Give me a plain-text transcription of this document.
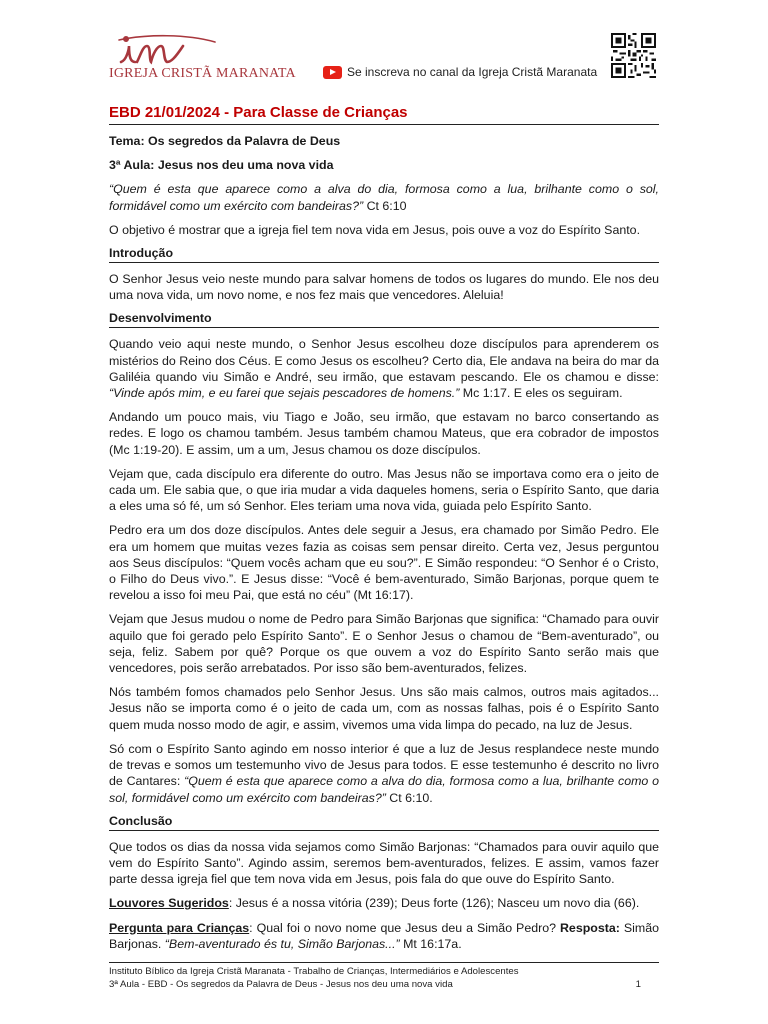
IGREJA CRISTÃ MARANATA	Se inscreva no canal da Igreja Cristã Maranata
EBD 21/01/2024 - Para Classe de Crianças

Tema: Os segredos da Palavra de Deus

3ª Aula: Jesus nos deu uma nova vida

“Quem é esta que aparece como a alva do dia, formosa como a lua, brilhante como o sol, formidável como um exército com bandeiras?” Ct 6:10

O objetivo é mostrar que a igreja fiel tem nova vida em Jesus, pois ouve a voz do Espírito Santo.

Introdução

O Senhor Jesus veio neste mundo para salvar homens de todos os lugares do mundo. Ele nos deu uma nova vida, um novo nome, e nos fez mais que vencedores. Aleluia!

Desenvolvimento

Quando veio aqui neste mundo, o Senhor Jesus escolheu doze discípulos para aprenderem os mistérios do Reino dos Céus. E como Jesus os escolheu? Certo dia, Ele andava na beira do mar da Galiléia quando viu Simão e André, seu irmão, que estavam pescando. Ele os chamou e disse: “Vinde após mim, e eu farei que sejais pescadores de homens.” Mc 1:17. E eles os seguiram.

Andando um pouco mais, viu Tiago e João, seu irmão, que estavam no barco consertando as redes. E logo os chamou também. Jesus também chamou Mateus, que era cobrador de impostos (Mc 1:19-20). E assim, um a um, Jesus chamou os doze discípulos.

Vejam que, cada discípulo era diferente do outro. Mas Jesus não se importava como era o jeito de cada um. Ele sabia que, o que iria mudar a vida daqueles homens, seria o Espírito Santo, que daria a eles uma só fé, um só Senhor. Eles teriam uma nova vida, guiada pelo Espírito Santo.

Pedro era um dos doze discípulos. Antes dele seguir a Jesus, era chamado por Simão Pedro. Ele era um homem que muitas vezes fazia as coisas sem pensar direito. Certa vez, Jesus perguntou aos Seus discípulos: “Quem vocês acham que eu sou?”. E Simão respondeu: “O Senhor é o Cristo, o Filho do Deus vivo.”. E Jesus disse: “Você é bem-aventurado, Simão Barjonas, porque quem te revelou a isso foi meu Pai, que está no céu” (Mt 16:17).

Vejam que Jesus mudou o nome de Pedro para Simão Barjonas que significa: “Chamado para ouvir aquilo que foi gerado pelo Espírito Santo”. E o Senhor Jesus o chamou de “Bem-aventurado”, ou seja, feliz. Sabem por quê? Porque os que ouvem a voz do Espírito Santo serão mais que vencedores, pois serão arrebatados. Por isso são bem-aventurados, felizes.

Nós também fomos chamados pelo Senhor Jesus. Uns são mais calmos, outros mais agitados... Jesus não se importa como é o jeito de cada um, com as nossas falhas, pois é o Espírito Santo quem muda nosso modo de agir, e assim, vivemos uma vida limpa do pecado, na luz de Jesus.

Só com o Espírito Santo agindo em nosso interior é que a luz de Jesus resplandece neste mundo de trevas e somos um testemunho vivo de Jesus para todos. E esse testemunho é descrito no livro de Cantares: “Quem é esta que aparece como a alva do dia, formosa como a lua, brilhante como o sol, formidável como um exército com bandeiras?” Ct 6:10.

Conclusão

Que todos os dias da nossa vida sejamos como Simão Barjonas: “Chamados para ouvir aquilo que vem do Espírito Santo”. Agindo assim, seremos bem-aventurados, felizes. E assim, vamos fazer parte dessa igreja fiel que tem nova vida em Jesus, pois fala do que ouve do Espírito Santo.

Louvores Sugeridos: Jesus é a nossa vitória (239); Deus forte (126); Nasceu um novo dia (66).

Pergunta para Crianças: Qual foi o novo nome que Jesus deu a Simão Pedro? Resposta: Simão Barjonas. “Bem-aventurado és tu, Simão Barjonas...” Mt 16:17a.

Instituto Bíblico da Igreja Cristã Maranata - Trabalho de Crianças, Intermediários e Adolescentes
3ª Aula - EBD - Os segredos da Palavra de Deus - Jesus nos deu uma nova vida	1
